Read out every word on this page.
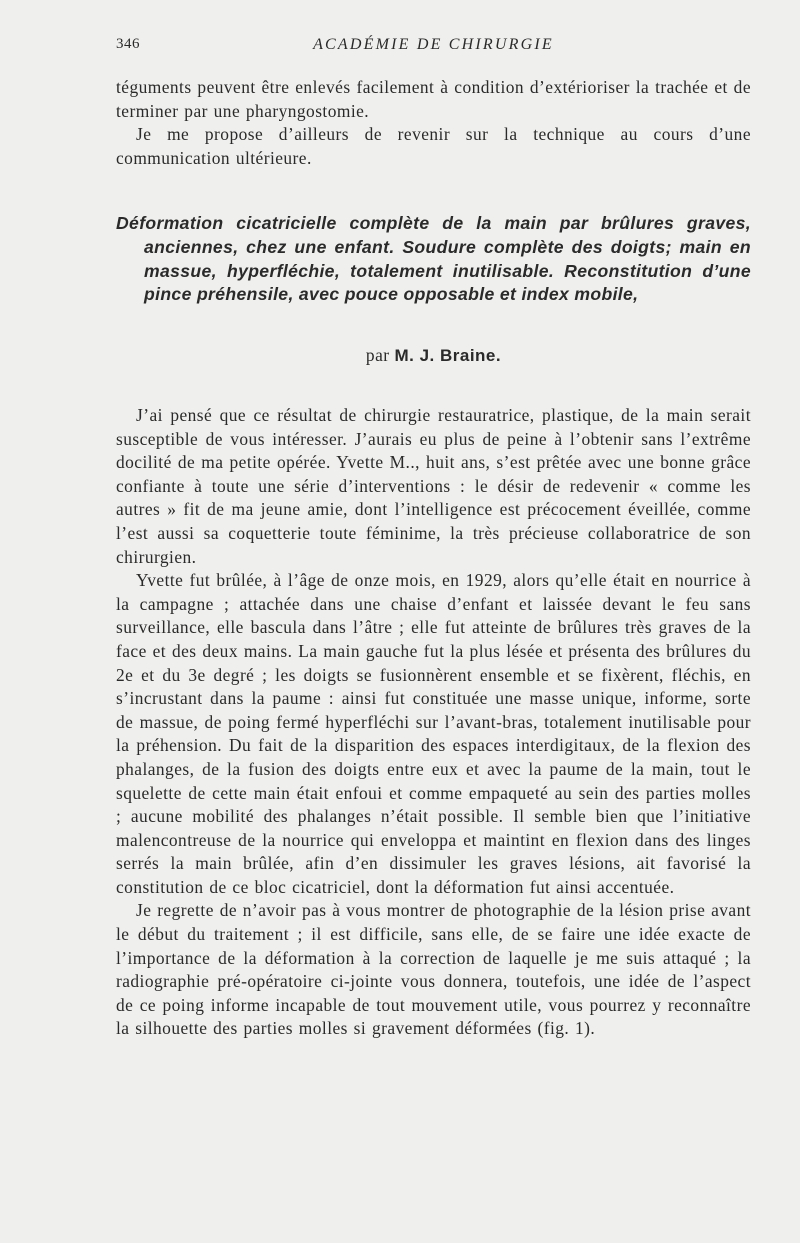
346	ACADÉMIE DE CHIRURGIE

téguments peuvent être enlevés facilement à condition d’extérioriser la trachée et de terminer par une pharyngostomie.

Je me propose d’ailleurs de revenir sur la technique au cours d’une communication ultérieure.

Déformation cicatricielle complète de la main par brûlures graves, anciennes, chez une enfant. Soudure complète des doigts; main en massue, hyperfléchie, totalement inutilisable. Reconstitution d’une pince préhensile, avec pouce opposable et index mobile,
par M. J. Braine.

J’ai pensé que ce résultat de chirurgie restauratrice, plastique, de la main serait susceptible de vous intéresser. J’aurais eu plus de peine à l’obtenir sans l’extrême docilité de ma petite opérée. Yvette M.., huit ans, s’est prêtée avec une bonne grâce confiante à toute une série d’interventions : le désir de redevenir « comme les autres » fit de ma jeune amie, dont l’intelligence est précocement éveillée, comme l’est aussi sa coquetterie toute féminime, la très précieuse collaboratrice de son chirurgien.

Yvette fut brûlée, à l’âge de onze mois, en 1929, alors qu’elle était en nourrice à la campagne ; attachée dans une chaise d’enfant et laissée devant le feu sans surveillance, elle bascula dans l’âtre ; elle fut atteinte de brûlures très graves de la face et des deux mains. La main gauche fut la plus lésée et présenta des brûlures du 2e et du 3e degré ; les doigts se fusionnèrent ensemble et se fixèrent, fléchis, en s’incrustant dans la paume : ainsi fut constituée une masse unique, informe, sorte de massue, de poing fermé hyperfléchi sur l’avant-bras, totalement inutilisable pour la préhension. Du fait de la disparition des espaces interdigitaux, de la flexion des phalanges, de la fusion des doigts entre eux et avec la paume de la main, tout le squelette de cette main était enfoui et comme empaqueté au sein des parties molles ; aucune mobilité des phalanges n’était possible. Il semble bien que l’initiative malencontreuse de la nourrice qui enveloppa et maintint en flexion dans des linges serrés la main brûlée, afin d’en dissimuler les graves lésions, ait favorisé la constitution de ce bloc cicatriciel, dont la déformation fut ainsi accentuée.

Je regrette de n’avoir pas à vous montrer de photographie de la lésion prise avant le début du traitement ; il est difficile, sans elle, de se faire une idée exacte de l’importance de la déformation à la correction de laquelle je me suis attaqué ; la radiographie pré-opératoire ci-jointe vous donnera, toutefois, une idée de l’aspect de ce poing informe incapable de tout mouvement utile, vous pourrez y reconnaître la silhouette des parties molles si gravement déformées (fig. 1).
